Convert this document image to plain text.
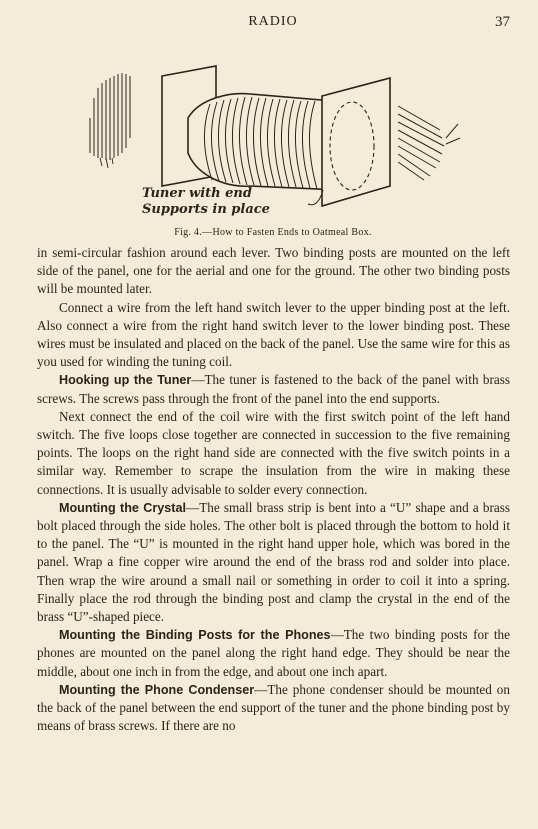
RADIO	37
Tuner with end
Supports in place
Fig. 4.—How to Fasten Ends to Oatmeal Box.

in semi-circular fashion around each lever. Two binding posts are mounted on the left side of the panel, one for the aerial and one for the ground. The other two binding posts will be mounted later.

Connect a wire from the left hand switch lever to the upper binding post at the left. Also connect a wire from the right hand switch lever to the lower binding post. These wires must be insulated and placed on the back of the panel. Use the same wire for this as you used for winding the tuning coil.

Hooking up the Tuner—The tuner is fastened to the back of the panel with brass screws. The screws pass through the front of the panel into the end supports.

Next connect the end of the coil wire with the first switch point of the left hand switch. The five loops close together are connected in succession to the five remaining points. The loops on the right hand side are connected with the five switch points in a similar way. Remember to scrape the insulation from the wire in making these connections. It is usually advisable to solder every connection.

Mounting the Crystal—The small brass strip is bent into a “U” shape and a brass bolt placed through the side holes. The other bolt is placed through the bottom to hold it to the panel. The “U” is mounted in the right hand upper hole, which was bored in the panel. Wrap a fine copper wire around the end of the brass rod and solder into place. Then wrap the wire around a small nail or something in order to coil it into a spring. Finally place the rod through the binding post and clamp the crystal in the end of the brass “U”-shaped piece.

Mounting the Binding Posts for the Phones—The two binding posts for the phones are mounted on the panel along the right hand edge. They should be near the middle, about one inch in from the edge, and about one inch apart.

Mounting the Phone Condenser—The phone condenser should be mounted on the back of the panel between the end support of the tuner and the phone binding post by means of brass screws. If there are no
